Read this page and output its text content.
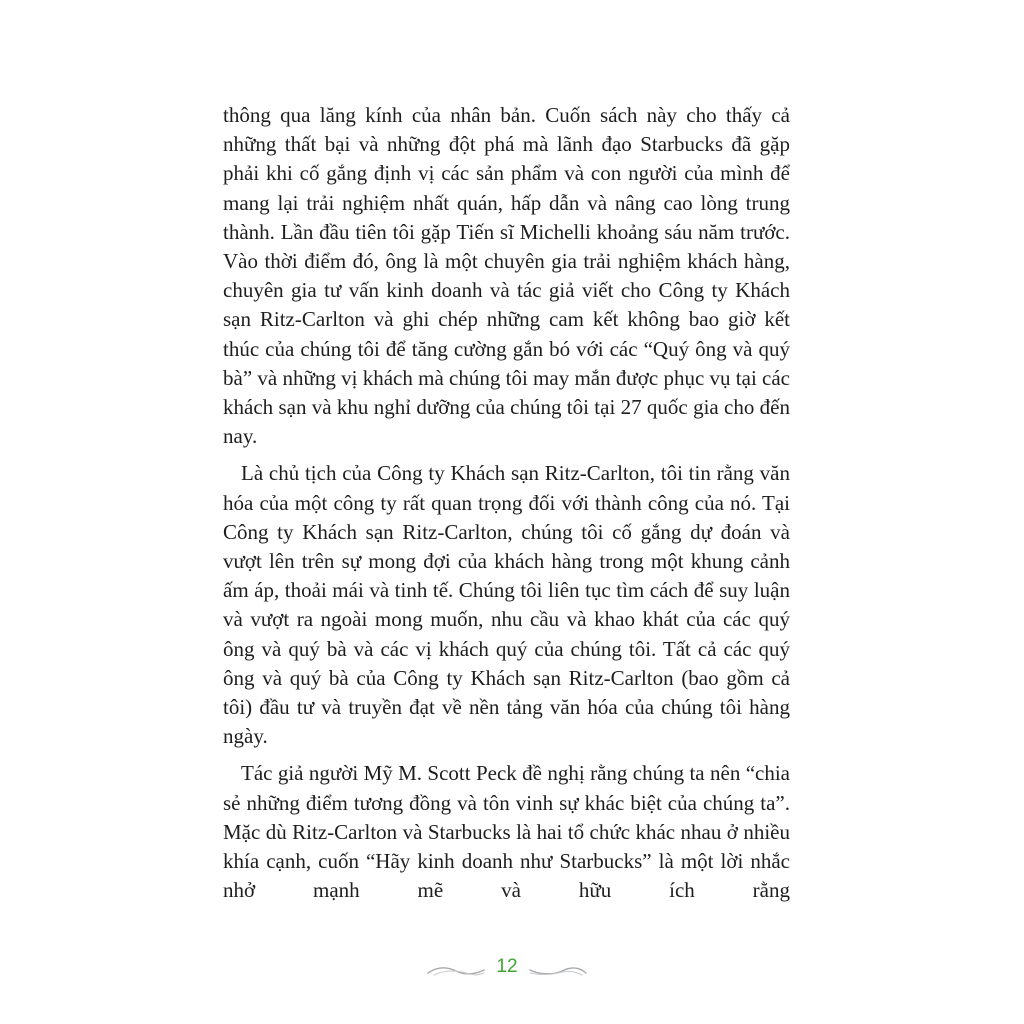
thông qua lăng kính của nhân bản. Cuốn sách này cho thấy cả những thất bại và những đột phá mà lãnh đạo Starbucks đã gặp phải khi cố gắng định vị các sản phẩm và con người của mình để mang lại trải nghiệm nhất quán, hấp dẫn và nâng cao lòng trung thành. Lần đầu tiên tôi gặp Tiến sĩ Michelli khoảng sáu năm trước. Vào thời điểm đó, ông là một chuyên gia trải nghiệm khách hàng, chuyên gia tư vấn kinh doanh và tác giả viết cho Công ty Khách sạn Ritz-Carlton và ghi chép những cam kết không bao giờ kết thúc của chúng tôi để tăng cường gắn bó với các “Quý ông và quý bà” và những vị khách mà chúng tôi may mắn được phục vụ tại các khách sạn và khu nghỉ dưỡng của chúng tôi tại 27 quốc gia cho đến nay.

Là chủ tịch của Công ty Khách sạn Ritz-Carlton, tôi tin rằng văn hóa của một công ty rất quan trọng đối với thành công của nó. Tại Công ty Khách sạn Ritz-Carlton, chúng tôi cố gắng dự đoán và vượt lên trên sự mong đợi của khách hàng trong một khung cảnh ấm áp, thoải mái và tinh tế. Chúng tôi liên tục tìm cách để suy luận và vượt ra ngoài mong muốn, nhu cầu và khao khát của các quý ông và quý bà và các vị khách quý của chúng tôi. Tất cả các quý ông và quý bà của Công ty Khách sạn Ritz-Carlton (bao gồm cả tôi) đầu tư và truyền đạt về nền tảng văn hóa của chúng tôi hàng ngày.

Tác giả người Mỹ M. Scott Peck đề nghị rằng chúng ta nên “chia sẻ những điểm tương đồng và tôn vinh sự khác biệt của chúng ta”. Mặc dù Ritz-Carlton và Starbucks là hai tổ chức khác nhau ở nhiều khía cạnh, cuốn “Hãy kinh doanh như Starbucks” là một lời nhắc nhở mạnh mẽ và hữu ích rằng

12
